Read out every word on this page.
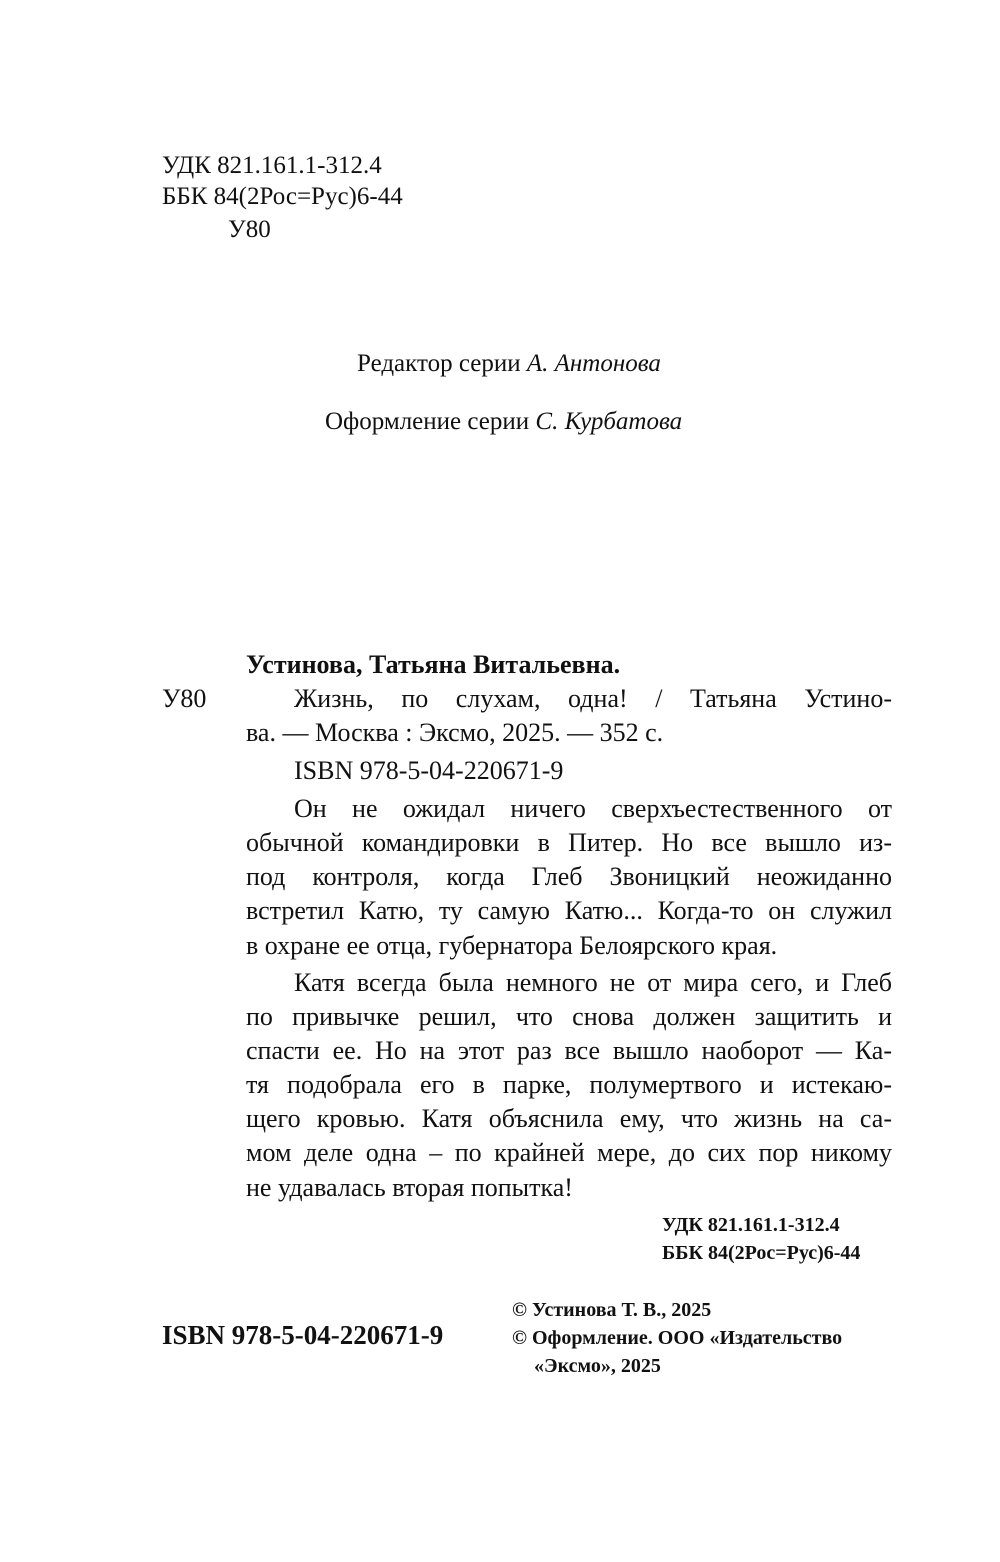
УДК 821.161.1-312.4
ББК 84(2Рос=Рус)6-44
У80
Редактор серии А. Антонова
Оформление серии С. Курбатова
Устинова, Татьяна Витальевна.
У80	Жизнь, по слухам, одна! / Татьяна Устино-
ва. — Москва : Эксмо, 2025. — 352 с.
ISBN 978-5-04-220671-9
Он не ожидал ничего сверхъестественного от
обычной командировки в Питер. Но все вышло из-
под контроля, когда Глеб Звоницкий неожиданно
встретил Катю, ту самую Катю... Когда-то он служил
в охране ее отца, губернатора Белоярского края.
Катя всегда была немного не от мира сего, и Глеб
по привычке решил, что снова должен защитить и
спасти ее. Но на этот раз все вышло наоборот — Ка-
тя подобрала его в парке, полумертвого и истекаю-
щего кровью. Катя объяснила ему, что жизнь на са-
мом деле одна – по крайней мере, до сих пор никому
не удавалась вторая попытка!
УДК 821.161.1-312.4
ББК 84(2Рос=Рус)6-44
© Устинова Т. В., 2025
© Оформление. ООО «Издательство
«Эксмо», 2025
ISBN 978-5-04-220671-9
